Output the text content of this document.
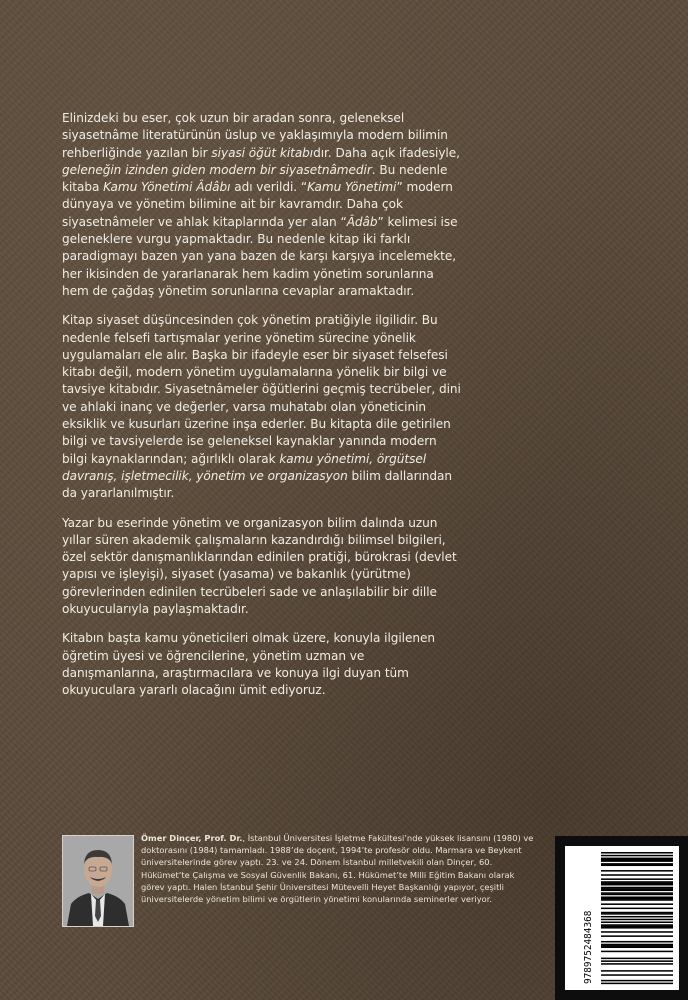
Elinizdeki bu eser, çok uzun bir aradan sonra, geleneksel siyasetnâme literatürünün üslup ve yaklaşımıyla modern bilimin rehberliğinde yazılan bir siyasi öğüt kitabıdır. Daha açık ifadesiyle, geleneğin izinden giden modern bir siyasetnâmedir. Bu nedenle kitaba Kamu Yönetimi Âdâbı adı verildi. “Kamu Yönetimi” modern dünyaya ve yönetim bilimine ait bir kavramdır. Daha çok siyasetnâmeler ve ahlak kitaplarında yer alan “Âdâb” kelimesi ise geleneklere vurgu yapmaktadır. Bu nedenle kitap iki farklı paradigmayı bazen yan yana bazen de karşı karşıya incelemekte, her ikisinden de yararlanarak hem kadim yönetim sorunlarına hem de çağdaş yönetim sorunlarına cevaplar aramaktadır.

Kitap siyaset düşüncesinden çok yönetim pratiğiyle ilgilidir. Bu nedenle felsefi tartışmalar yerine yönetim sürecine yönelik uygulamaları ele alır. Başka bir ifadeyle eser bir siyaset felsefesi kitabı değil, modern yönetim uygulamalarına yönelik bir bilgi ve tavsiye kitabıdır. Siyasetnâmeler öğütlerini geçmiş tecrübeler, dini ve ahlaki inanç ve değerler, varsa muhatabı olan yöneticinin eksiklik ve kusurları üzerine inşa ederler. Bu kitapta dile getirilen bilgi ve tavsiyelerde ise geleneksel kaynaklar yanında modern bilgi kaynaklarından; ağırlıklı olarak kamu yönetimi, örgütsel davranış, işletmecilik, yönetim ve organizasyon bilim dallarından da yararlanılmıştır.

Yazar bu eserinde yönetim ve organizasyon bilim dalında uzun yıllar süren akademik çalışmaların kazandırdığı bilimsel bilgileri, özel sektör danışmanlıklarından edinilen pratiği, bürokrasi (devlet yapısı ve işleyişi), siyaset (yasama) ve bakanlık (yürütme) görevlerinden edinilen tecrübeleri sade ve anlaşılabilir bir dille okuyucularıyla paylaşmaktadır.

Kitabın başta kamu yöneticileri olmak üzere, konuyla ilgilenen öğretim üyesi ve öğrencilerine, yönetim uzman ve danışmanlarına, araştırmacılara ve konuya ilgi duyan tüm okuyuculara yararlı olacağını ümit ediyoruz.

Ömer Dinçer, Prof. Dr., İstanbul Üniversitesi İşletme Fakültesi’nde yüksek lisansını (1980) ve doktorasını (1984) tamamladı. 1988’de doçent, 1994’te profesör oldu. Marmara ve Beykent üniversitelerinde görev yaptı. 23. ve 24. Dönem İstanbul milletvekili olan Dinçer, 60. Hükümet’te Çalışma ve Sosyal Güvenlik Bakanı, 61. Hükümet’te Milli Eğitim Bakanı olarak görev yaptı. Halen İstanbul Şehir Üniversitesi Mütevelli Heyet Başkanlığı yapıyor, çeşitli üniversitelerde yönetim bilimi ve örgütlerin yönetimi konularında seminerler veriyor.
9789752484368
